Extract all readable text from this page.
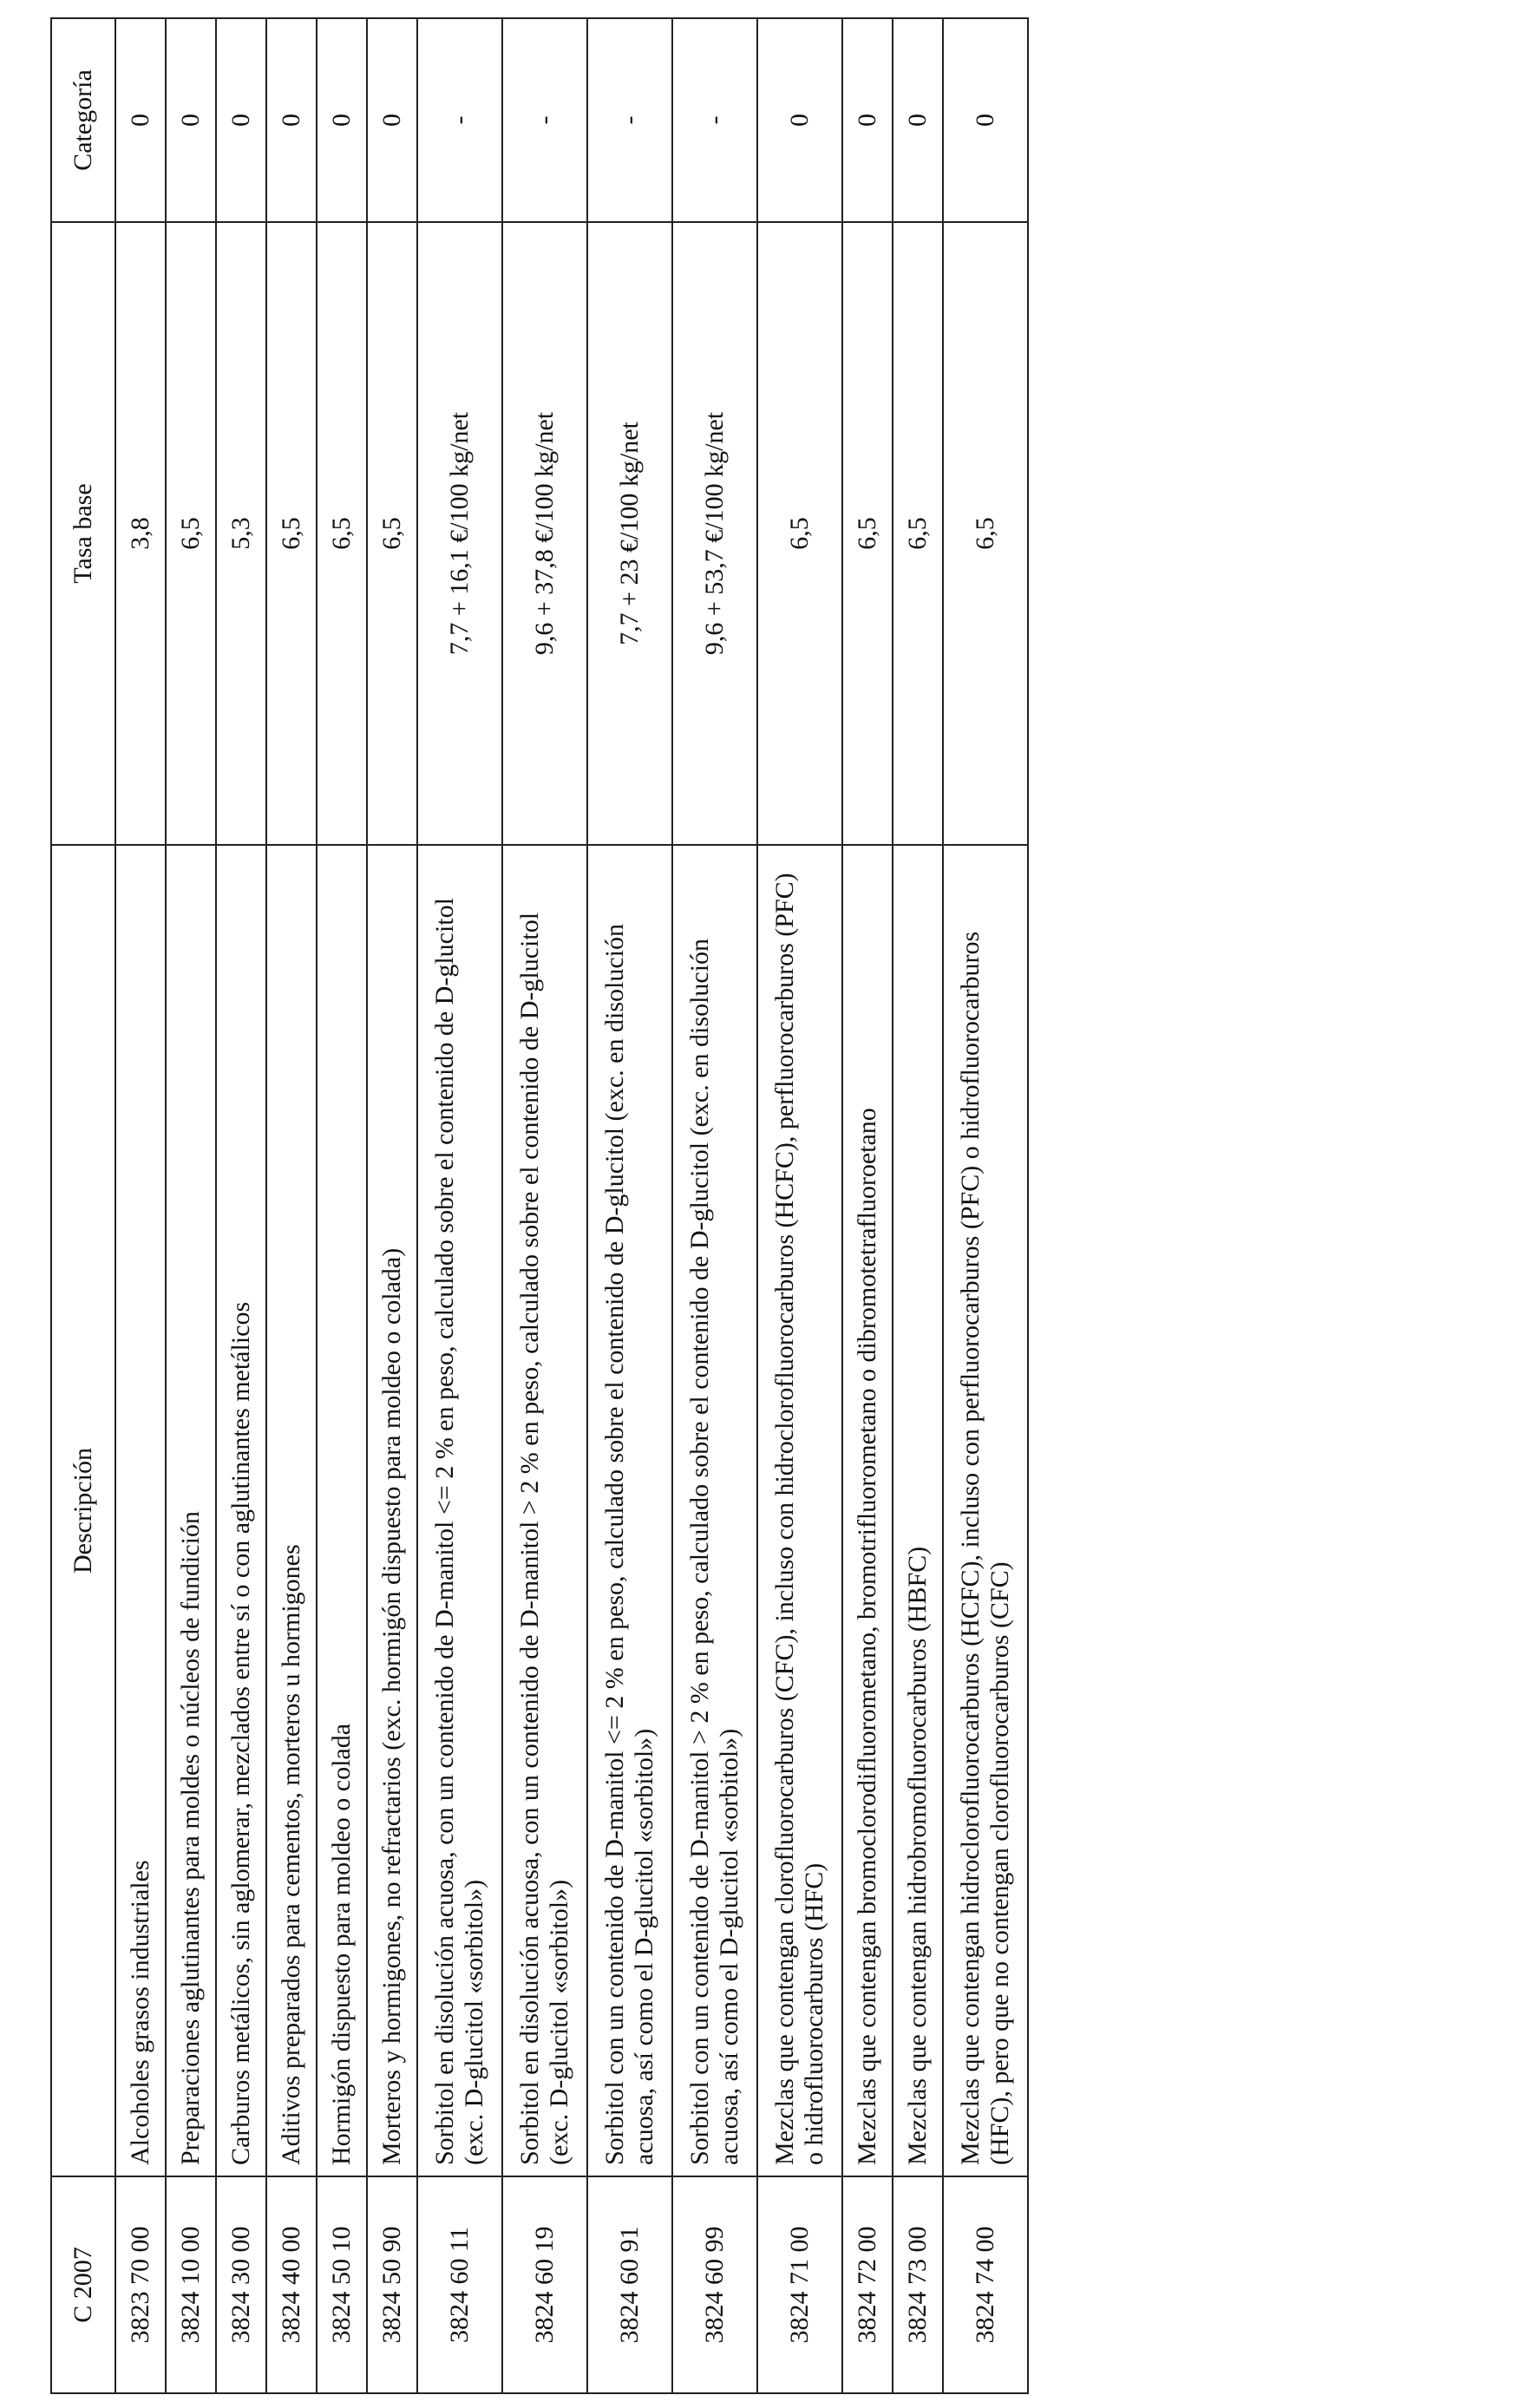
C 2007	Descripción	Tasa base	Categoría
3823 70 00	Alcoholes grasos industriales	3,8	0
3824 10 00	Preparaciones aglutinantes para moldes o núcleos de fundición	6,5	0
3824 30 00	Carburos metálicos, sin aglomerar, mezclados entre sí o con aglutinantes metálicos	5,3	0
3824 40 00	Aditivos preparados para cementos, morteros u hormigones	6,5	0
3824 50 10	Hormigón dispuesto para moldeo o colada	6,5	0
3824 50 90	Morteros y hormigones, no refractarios (exc. hormigón dispuesto para moldeo o colada)	6,5	0
3824 60 11	Sorbitol en disolución acuosa, con un contenido de D-manitol <= 2 % en peso, calculado sobre el contenido de D-glucitol (exc. D-glucitol «sorbitol»)	7,7 + 16,1 €/100 kg/net	-
3824 60 19	Sorbitol en disolución acuosa, con un contenido de D-manitol > 2 % en peso, calculado sobre el contenido de D-glucitol (exc. D-glucitol «sorbitol»)	9,6 + 37,8 €/100 kg/net	-
3824 60 91	Sorbitol con un contenido de D-manitol <= 2 % en peso, calculado sobre el contenido de D-glucitol (exc. en disolución acuosa, así como el D-glucitol «sorbitol»)	7,7 + 23 €/100 kg/net	-
3824 60 99	Sorbitol con un contenido de D-manitol > 2 % en peso, calculado sobre el contenido de D-glucitol (exc. en disolución acuosa, así como el D-glucitol «sorbitol»)	9,6 + 53,7 €/100 kg/net	-
3824 71 00	Mezclas que contengan clorofluorocarburos (CFC), incluso con hidroclorofluorocarburos (HCFC), perfluorocarburos (PFC) o hidrofluorocarburos (HFC)	6,5	0
3824 72 00	Mezclas que contengan bromoclorodifluorometano, bromotrifluorometano o dibromotetrafluoroetano	6,5	0
3824 73 00	Mezclas que contengan hidrobromofluorocarburos (HBFC)	6,5	0
3824 74 00	Mezclas que contengan hidroclorofluorocarburos (HCFC), incluso con perfluorocarburos (PFC) o hidrofluorocarburos (HFC), pero que no contengan clorofluorocarburos (CFC)	6,5	0
